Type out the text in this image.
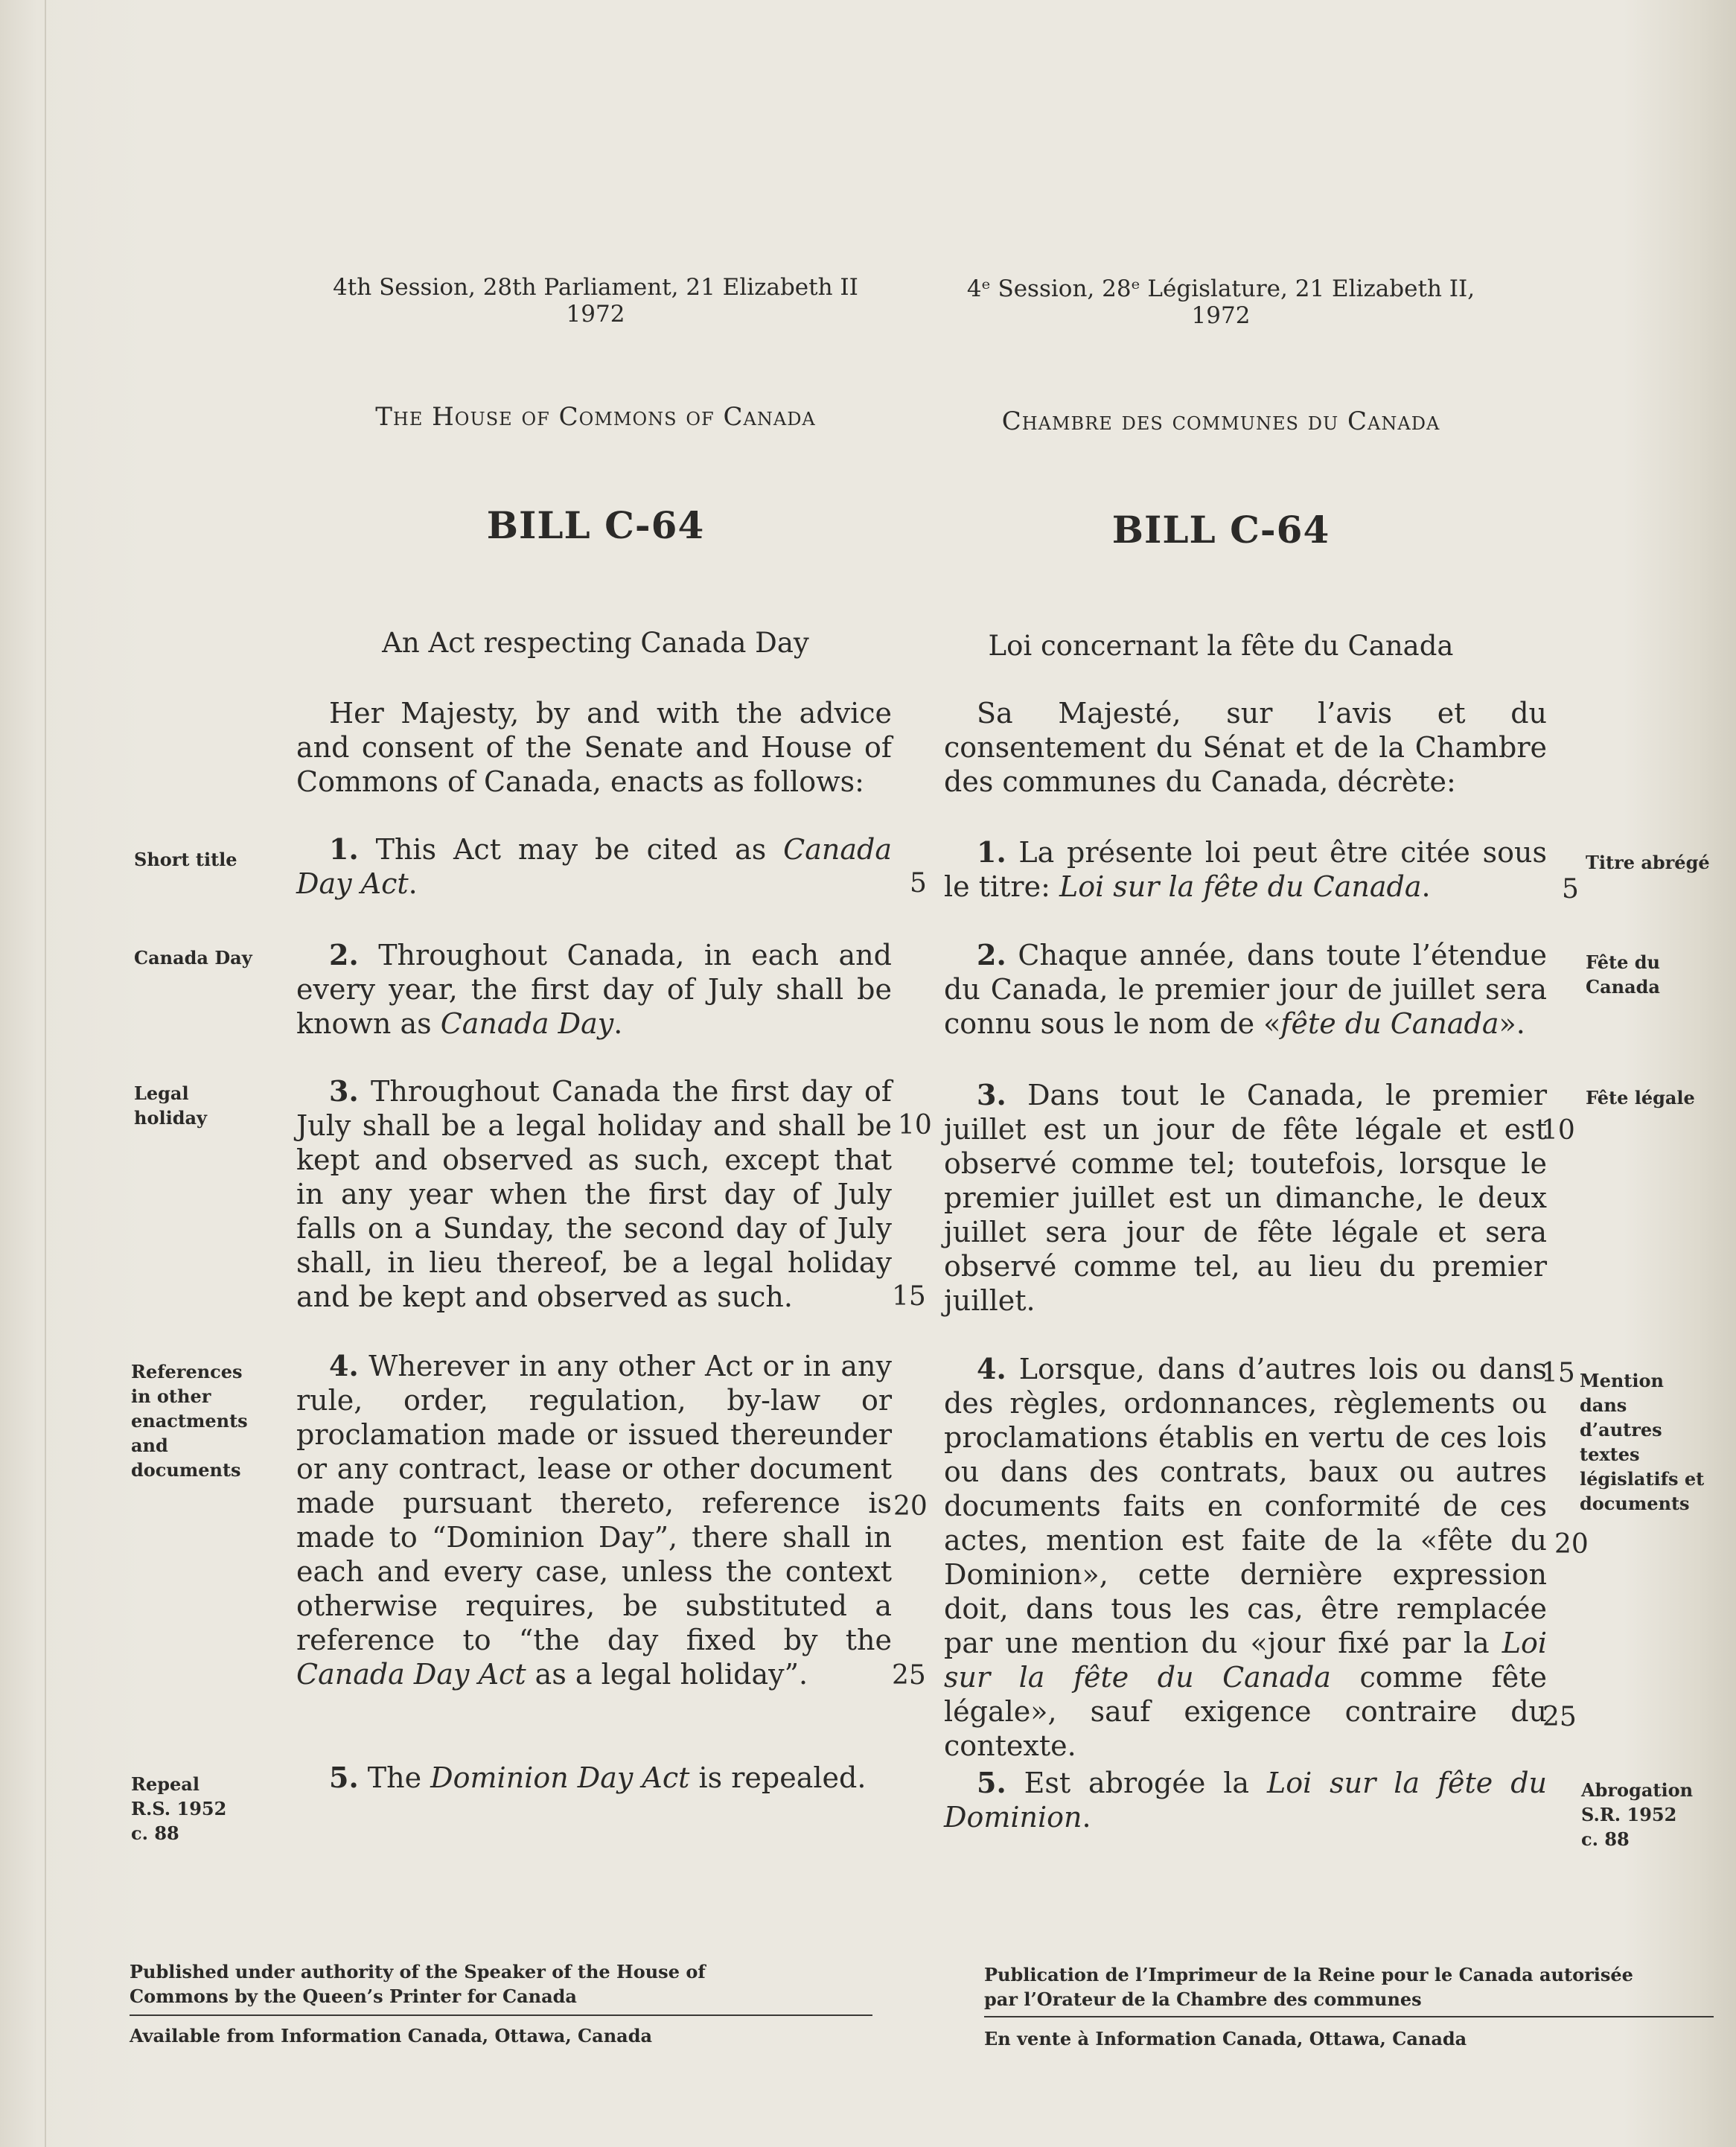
4th Session, 28th Parliament, 21 Elizabeth II
1972
The House of Commons of Canada
BILL C-64
An Act respecting Canada Day
4ᵉ Session, 28ᵉ Législature, 21 Elizabeth II,
1972
Chambre des communes du Canada
BILL C-64
Loi concernant la fête du Canada

Her Majesty, by and with the advice and consent of the Senate and House of Commons of Canada, enacts as follows:

1. This Act may be cited as Canada Day Act.

2. Throughout Canada, in each and every year, the first day of July shall be known as Canada Day.

3. Throughout Canada the first day of July shall be a legal holiday and shall be kept and observed as such, except that in any year when the first day of July falls on a Sunday, the second day of July shall, in lieu thereof, be a legal holiday and be kept and observed as such.

4. Wherever in any other Act or in any rule, order, regulation, by-law or proclamation made or issued thereunder or any contract, lease or other document made pursuant thereto, reference is made to “Dominion Day”, there shall in each and every case, unless the context otherwise requires, be substituted a reference to “the day fixed by the Canada Day Act as a legal holiday”.

5. The Dominion Day Act is repealed.

Short title
Canada Day
Legal holiday
References in other enactments and documents
Repeal
R.S. 1952
c. 88
5
10
15
20
25

Sa Majesté, sur l’avis et du consentement du Sénat et de la Chambre des communes du Canada, décrète:

1. La présente loi peut être citée sous le titre: Loi sur la fête du Canada.

2. Chaque année, dans toute l’étendue du Canada, le premier jour de juillet sera connu sous le nom de «fête du Canada».

3. Dans tout le Canada, le premier juillet est un jour de fête légale et est observé comme tel; toutefois, lorsque le premier juillet est un dimanche, le deux juillet sera jour de fête légale et sera observé comme tel, au lieu du premier juillet.

4. Lorsque, dans d’autres lois ou dans des règles, ordonnances, règlements ou proclamations établis en vertu de ces lois ou dans des contrats, baux ou autres documents faits en conformité de ces actes, mention est faite de la «fête du Dominion», cette dernière expression doit, dans tous les cas, être remplacée par une mention du «jour fixé par la Loi sur la fête du Canada comme fête légale», sauf exigence contraire du contexte.

5. Est abrogée la Loi sur la fête du Dominion.

Titre abrégé
Fête du Canada
Fête légale
Mention dans d’autres textes législatifs et documents
Abrogation
S.R. 1952
c. 88
5
10
15
20
25
Published under authority of the Speaker of the House of Commons by the Queen’s Printer for Canada
Available from Information Canada, Ottawa, Canada
Publication de l’Imprimeur de la Reine pour le Canada autorisée par l’Orateur de la Chambre des communes
En vente à Information Canada, Ottawa, Canada
